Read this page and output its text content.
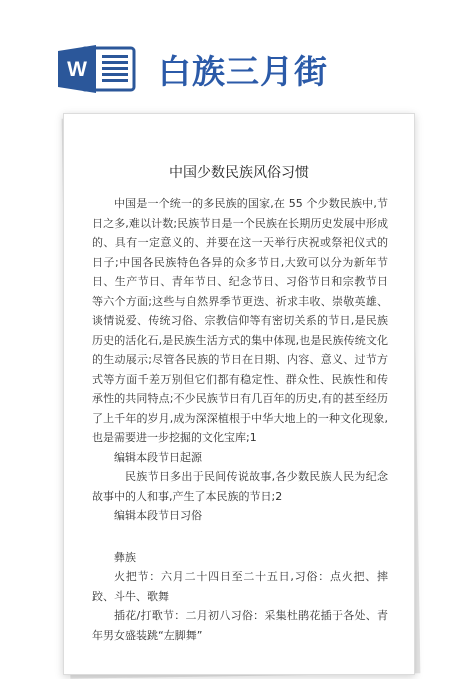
W 白族三月街
中国少数民族风俗习惯

中国是一个统一的多民族的国家,在 55 个少数民族中,节日之多,难以计数;民族节日是一个民族在长期历史发展中形成的、具有一定意义的、并要在这一天举行庆祝或祭祀仪式的日子;中国各民族特色各异的众多节日,大致可以分为新年节日、生产节日、青年节日、纪念节日、习俗节日和宗教节日等六个方面;这些与自然界季节更迭、祈求丰收、崇敬英雄、谈情说爱、传统习俗、宗教信仰等有密切关系的节日,是民族历史的活化石,是民族生活方式的集中体现,也是民族传统文化的生动展示;尽管各民族的节日在日期、内容、意义、过节方式等方面千差万别但它们都有稳定性、群众性、民族性和传承性的共同特点;不少民族节日有几百年的历史,有的甚至经历了上千年的岁月,成为深深植根于中华大地上的一种文化现象,也是需要进一步挖掘的文化宝库;1

编辑本段节日起源

民族节日多出于民间传说故事,各少数民族人民为纪念故事中的人和事,产生了本民族的节日;2

编辑本段节日习俗

彝族

火把节：六月二十四日至二十五日,习俗：点火把、摔跤、斗牛、歌舞

插花/打歌节：二月初八习俗：采集杜鹃花插于各处、青年男女盛装跳“左脚舞”
